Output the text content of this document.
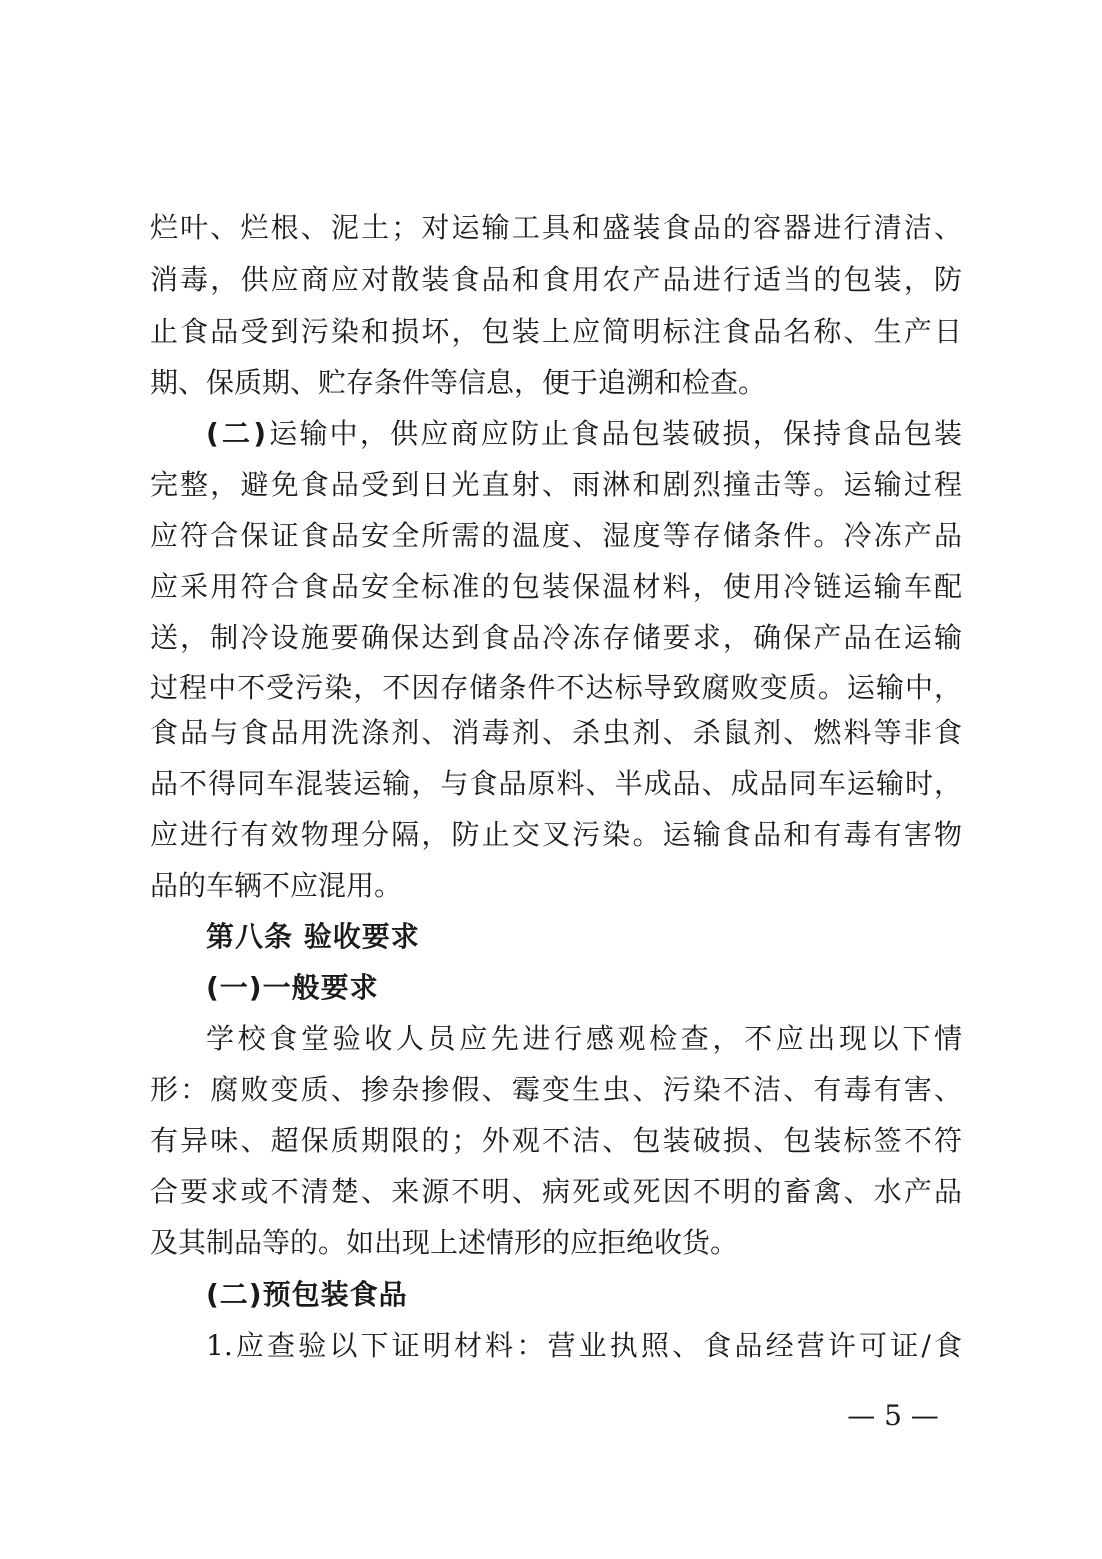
烂叶、烂根、泥土；对运输工具和盛装食品的容器进行清洁、
消毒，供应商应对散装食品和食用农产品进行适当的包装，防
止食品受到污染和损坏，包装上应简明标注食品名称、生产日
期、保质期、贮存条件等信息，便于追溯和检查。
(二)运输中，供应商应防止食品包装破损，保持食品包装
完整，避免食品受到日光直射、雨淋和剧烈撞击等。运输过程
应符合保证食品安全所需的温度、湿度等存储条件。冷冻产品
应采用符合食品安全标准的包装保温材料，使用冷链运输车配
送，制冷设施要确保达到食品冷冻存储要求，确保产品在运输
过程中不受污染，不因存储条件不达标导致腐败变质。运输中，
食品与食品用洗涤剂、消毒剂、杀虫剂、杀鼠剂、燃料等非食
品不得同车混装运输，与食品原料、半成品、成品同车运输时，
应进行有效物理分隔，防止交叉污染。运输食品和有毒有害物
品的车辆不应混用。
第八条 验收要求
(一)一般要求
学校食堂验收人员应先进行感观检查，不应出现以下情
形：腐败变质、掺杂掺假、霉变生虫、污染不洁、有毒有害、
有异味、超保质期限的；外观不洁、包装破损、包装标签不符
合要求或不清楚、来源不明、病死或死因不明的畜禽、水产品
及其制品等的。如出现上述情形的应拒绝收货。
(二)预包装食品
1.应查验以下证明材料：营业执照、食品经营许可证/食
— 5 —
